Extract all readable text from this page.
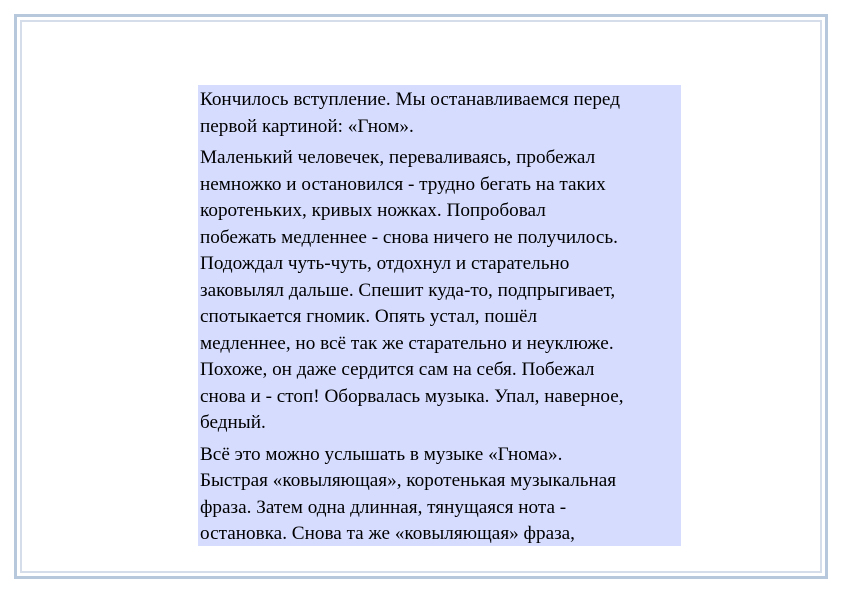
Кончилось вступление. Мы останавливаемся перед
первой картиной: «Гном».

Маленький человечек, переваливаясь, пробежал
немножко и остановился - трудно бегать на таких
коротеньких, кривых ножках. Попробовал
побежать медленнее - снова ничего не получилось.
Подождал чуть-чуть, отдохнул и старательно
заковылял дальше. Спешит куда-то, подпрыгивает,
спотыкается гномик. Опять устал, пошёл
медленнее, но всё так же старательно и неуклюже.
Похоже, он даже сердится сам на себя. Побежал
снова и - стоп! Оборвалась музыка. Упал, наверное,
бедный.

Всё это можно услышать в музыке «Гнома».
Быстрая «ковыляющая», коротенькая музыкальная
фраза. Затем одна длинная, тянущаяся нота -
остановка. Снова та же «ковыляющая» фраза,
